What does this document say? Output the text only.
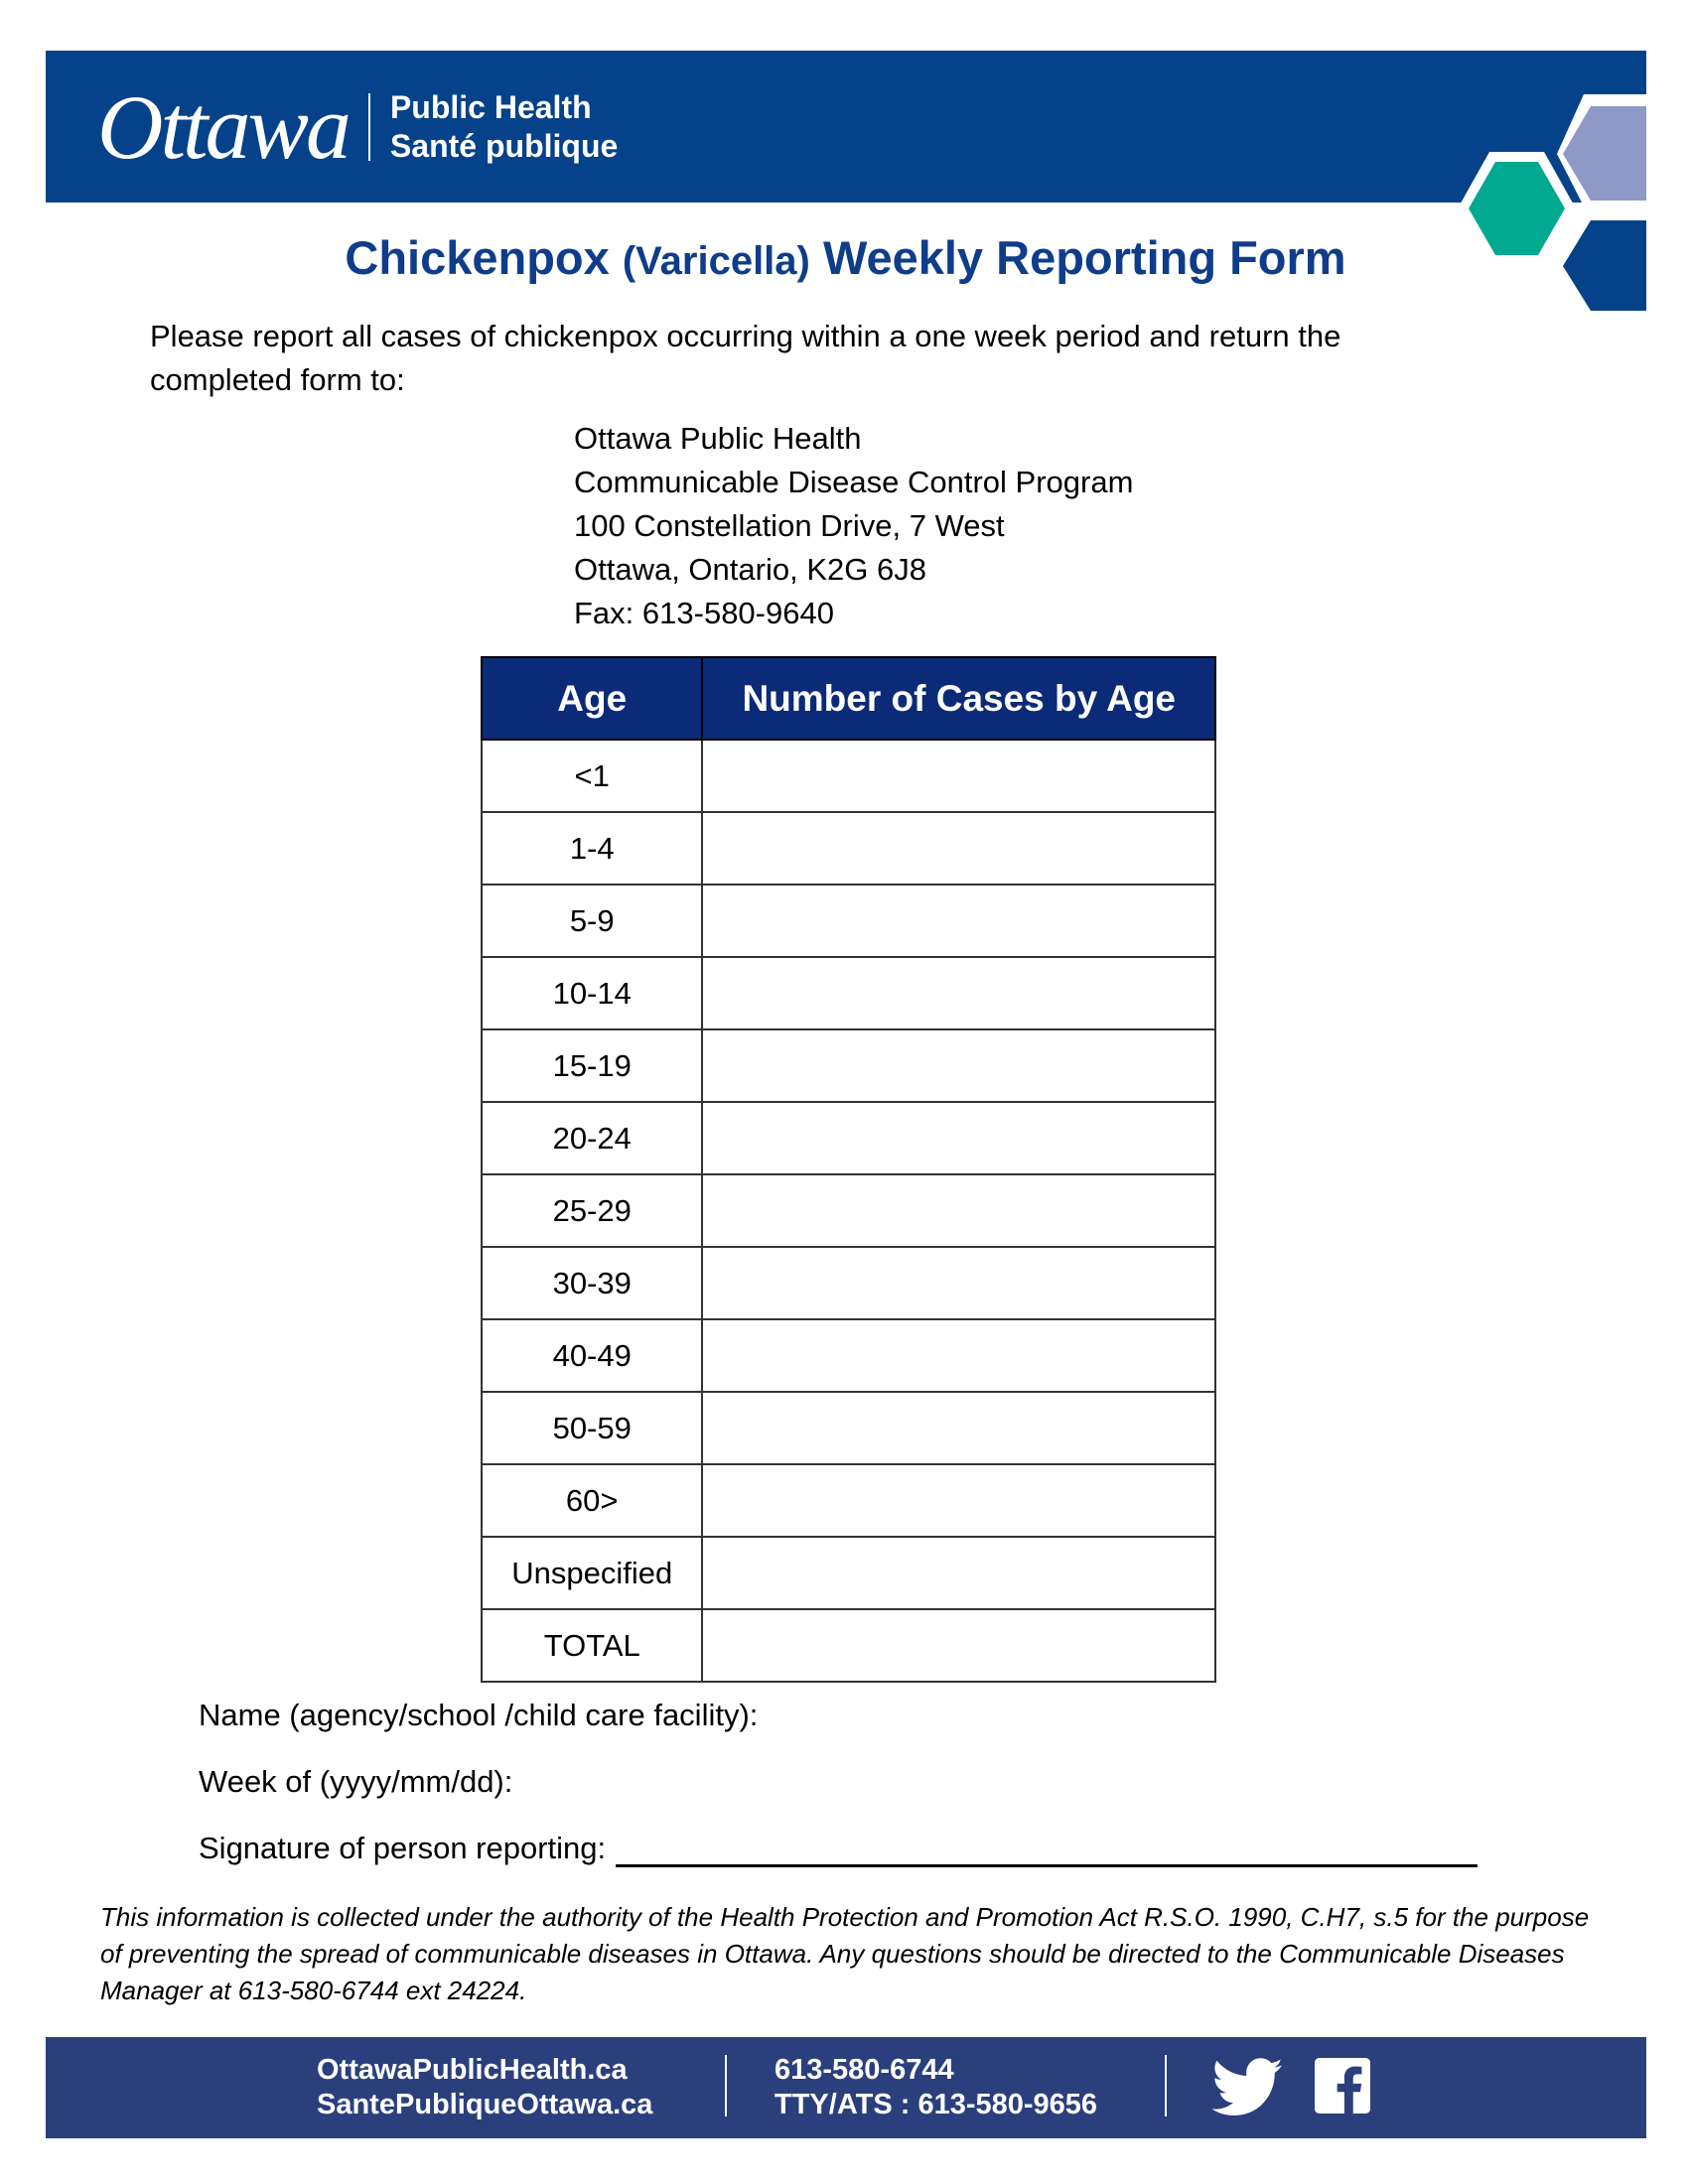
Ottawa Public Health
Santé publique
Chickenpox (Varicella) Weekly Reporting Form
Please report all cases of chickenpox occurring within a one week period and return the completed form to:
Ottawa Public Health
Communicable Disease Control Program
100 Constellation Drive, 7 West
Ottawa, Ontario, K2G 6J8
Fax: 613-580-9640
Age	Number of Cases by Age
<1	
1-4	
5-9	
10-14	
15-19	
20-24	
25-29	
30-39	
40-49	
50-59	
60>	
Unspecified	
TOTAL	
Name (agency/school /child care facility):
Week of (yyyy/mm/dd):
Signature of person reporting:
This information is collected under the authority of the Health Protection and Promotion Act R.S.O. 1990, C.H7, s.5 for the purpose of preventing the spread of communicable diseases in Ottawa. Any questions should be directed to the Communicable Diseases Manager at 613-580-6744 ext 24224.
OttawaPublicHealth.ca
SantePubliqueOttawa.ca
613-580-6744
TTY/ATS : 613-580-9656
